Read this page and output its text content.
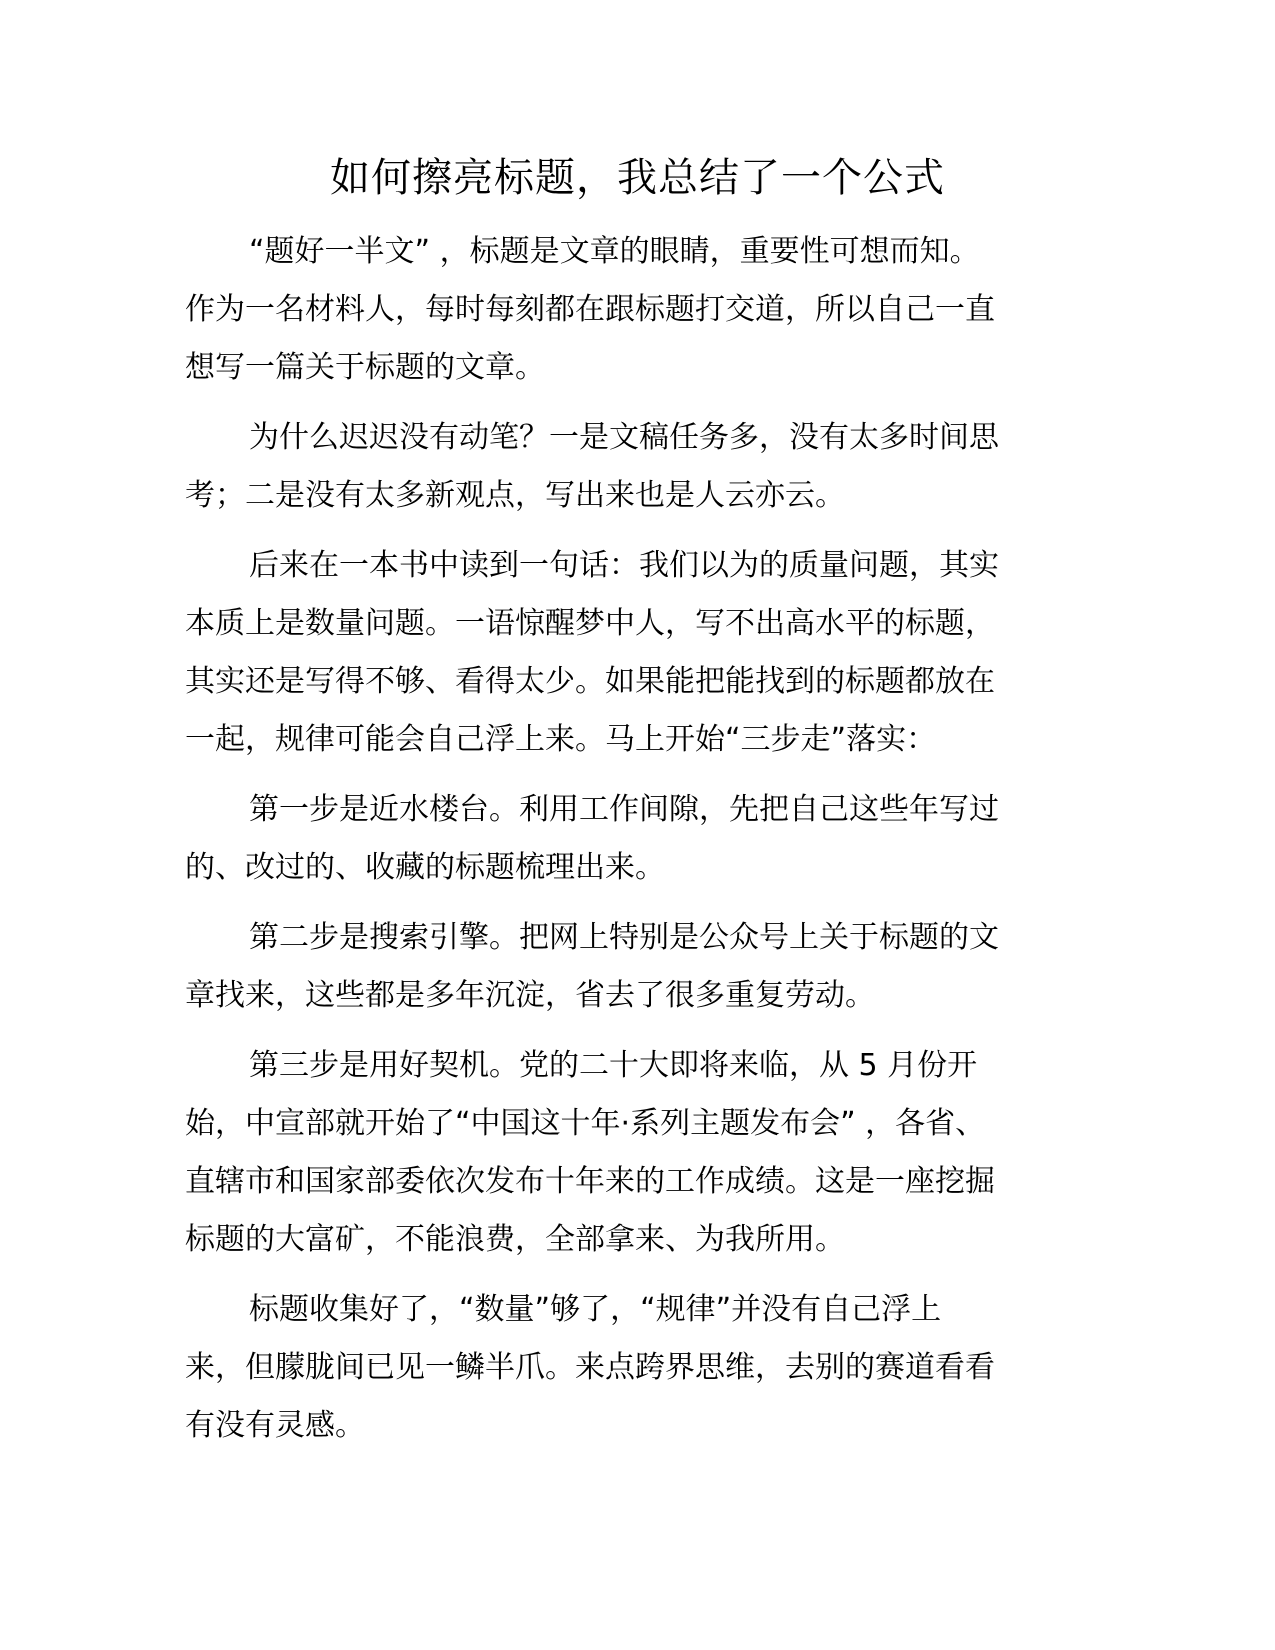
如何擦亮标题，我总结了一个公式

“题好一半文” ，标题是文章的眼睛，重要性可想而知。
作为一名材料人，每时每刻都在跟标题打交道，所以自己一直
想写一篇关于标题的文章。

为什么迟迟没有动笔？一是文稿任务多，没有太多时间思
考；二是没有太多新观点，写出来也是人云亦云。

后来在一本书中读到一句话：我们以为的质量问题，其实
本质上是数量问题。一语惊醒梦中人，写不出高水平的标题，
其实还是写得不够、看得太少。如果能把能找到的标题都放在
一起，规律可能会自己浮上来。马上开始“三步走”落实：

第一步是近水楼台。利用工作间隙，先把自己这些年写过
的、改过的、收藏的标题梳理出来。

第二步是搜索引擎。把网上特别是公众号上关于标题的文
章找来，这些都是多年沉淀，省去了很多重复劳动。

第三步是用好契机。党的二十大即将来临，从 5 月份开
始，中宣部就开始了“中国这十年·系列主题发布会” ，各省、
直辖市和国家部委依次发布十年来的工作成绩。这是一座挖掘
标题的大富矿，不能浪费，全部拿来、为我所用。

标题收集好了，“数量”够了，“规律”并没有自己浮上
来，但朦胧间已见一鳞半爪。来点跨界思维，去别的赛道看看
有没有灵感。
